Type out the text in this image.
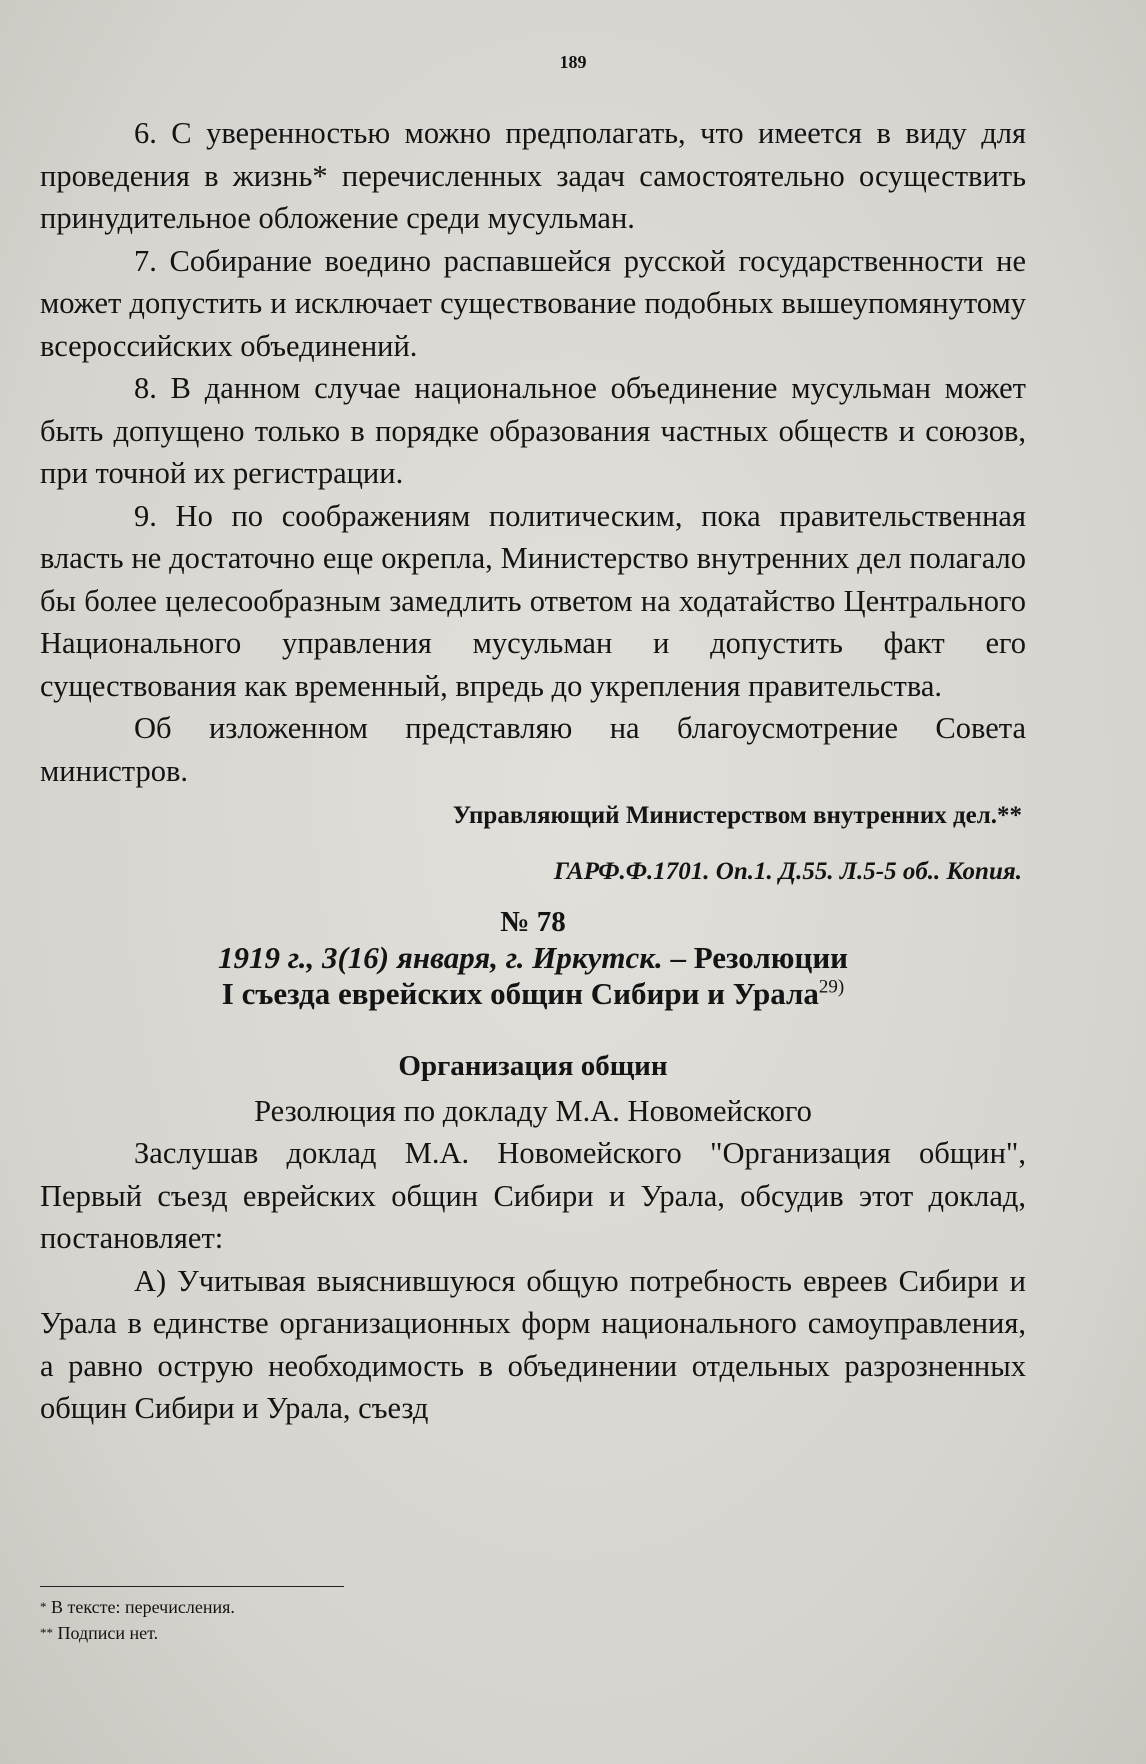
189

6. С уверенностью можно предполагать, что имеется в виду для проведения в жизнь* перечисленных задач самостоятельно осуществить принудительное обложение среди мусульман.

7. Собирание воедино распавшейся русской государственности не может допустить и исключает существование подобных вышеупомянутому всероссийских объединений.

8. В данном случае национальное объединение мусульман может быть допущено только в порядке образования частных обществ и союзов, при точной их регистрации.

9. Но по соображениям политическим, пока правительственная власть не достаточно еще окрепла, Министерство внутренних дел полагало бы более целесообразным замедлить ответом на ходатайство Центрального Национального управления мусульман и допустить факт его существования как временный, впредь до укрепления правительства.

Об изложенном представляю на благоусмотрение Совета министров.

Управляющий Министерством внутренних дел.**
ГАРФ.Ф.1701. Оп.1. Д.55. Л.5-5 об.. Копия.
№ 78
1919 г., 3(16) января, г. Иркутск. – Резолюции
I съезда еврейских общин Сибири и Урала$^{29)}$
Организация общин
Резолюция по докладу М.А. Новомейского

Заслушав доклад М.А. Новомейского "Организация общин", Первый съезд еврейских общин Сибири и Урала, обсудив этот доклад, постановляет:

А) Учитывая выяснившуюся общую потребность евреев Сибири и Урала в единстве организационных форм национального самоуправления, а равно острую необходимость в объединении отдельных разрозненных общин Сибири и Урала, съезд

* В тексте: перечисления.
** Подписи нет.
